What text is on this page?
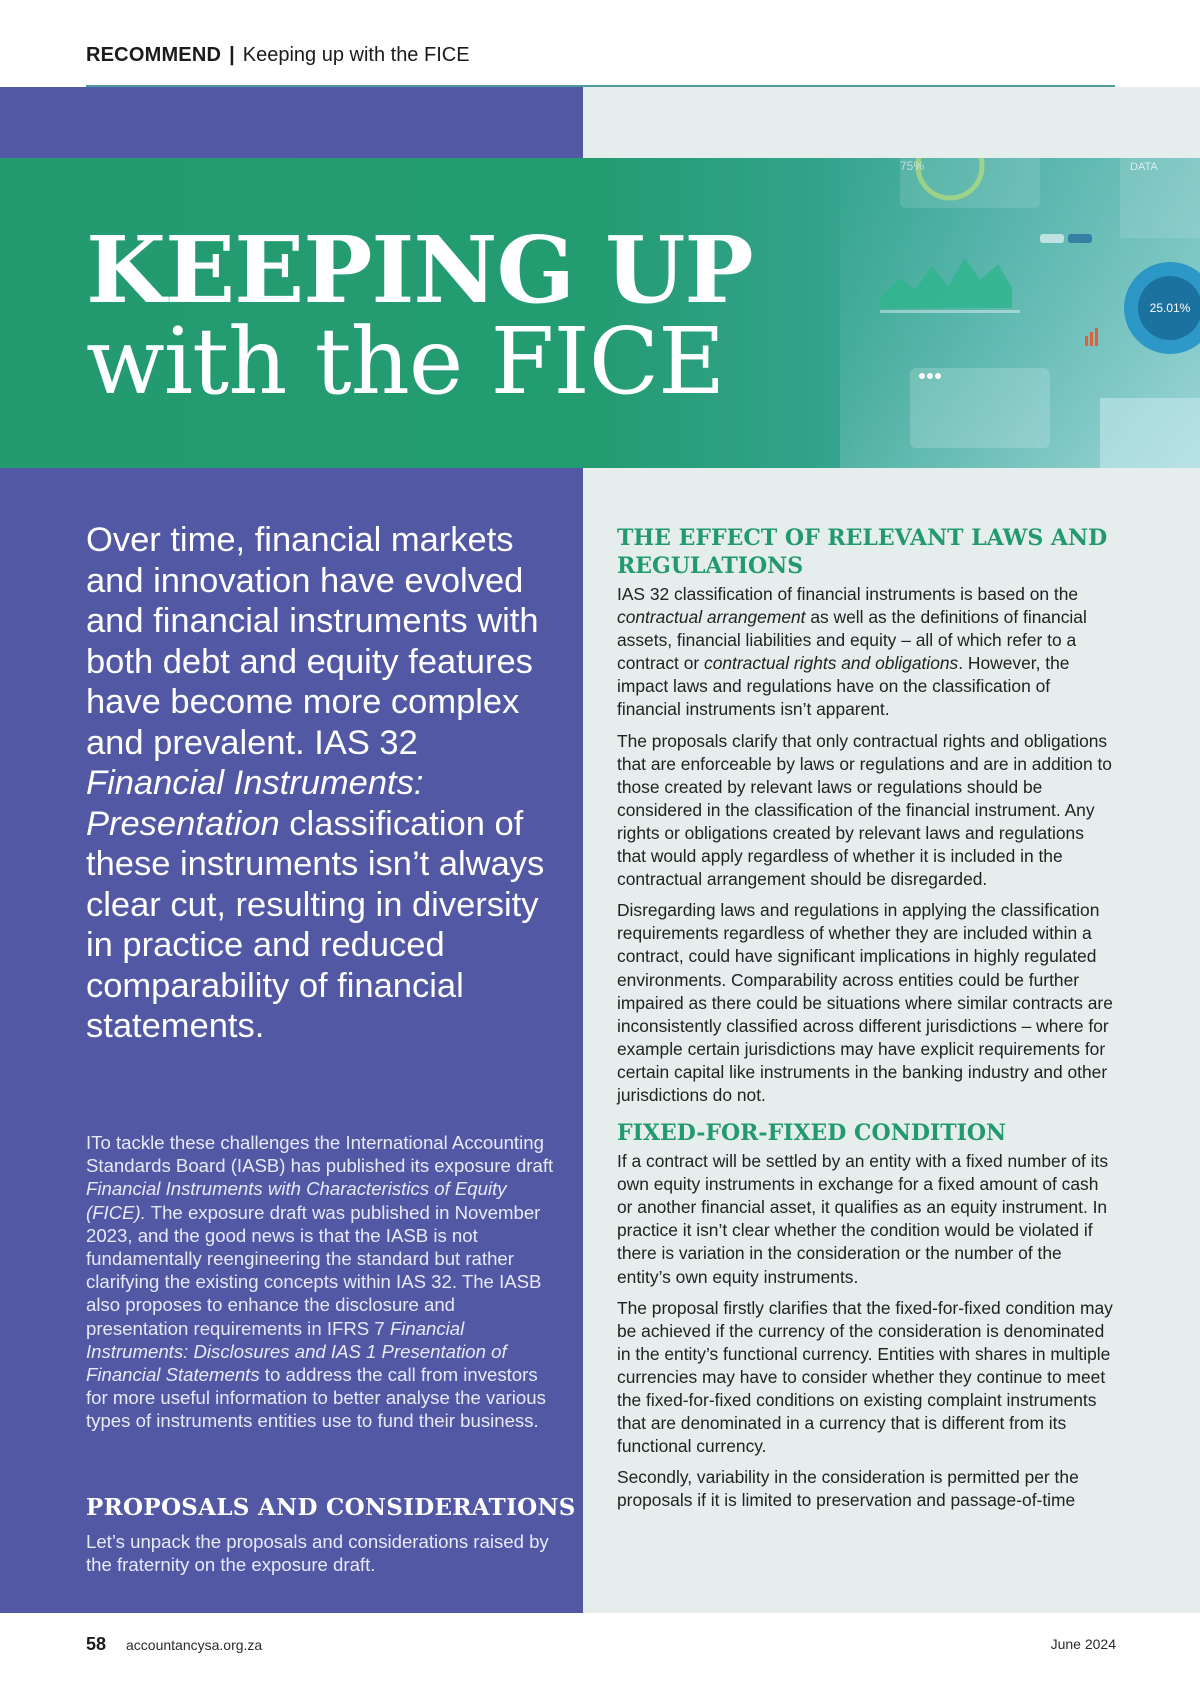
RECOMMEND | Keeping up with the FICE
75%	DATA
25.01%
KEEPING UP
with the FICE
Over time, financial markets and innovation have evolved and financial instruments with both debt and equity features have become more complex and prevalent. IAS 32 Financial Instruments: Presentation classification of these instruments isn’t always clear cut, resulting in diversity in practice and reduced comparability of financial statements.
ITo tackle these challenges the International Accounting Standards Board (IASB) has published its exposure draft Financial Instruments with Characteristics of Equity (FICE). The exposure draft was published in November 2023, and the good news is that the IASB is not fundamentally reengineering the standard but rather clarifying the existing concepts within IAS 32. The IASB also proposes to enhance the disclosure and presentation requirements in IFRS 7 Financial Instruments: Disclosures and IAS 1 Presentation of Financial Statements to address the call from investors for more useful information to better analyse the various types of instruments entities use to fund their business.
PROPOSALS AND CONSIDERATIONS
Let’s unpack the proposals and considerations raised by the fraternity on the exposure draft.
THE EFFECT OF RELEVANT LAWS AND REGULATIONS

IAS 32 classification of financial instruments is based on the contractual arrangement as well as the definitions of financial assets, financial liabilities and equity – all of which refer to a contract or contractual rights and obligations. However, the impact laws and regulations have on the classification of financial instruments isn’t apparent.

The proposals clarify that only contractual rights and obligations that are enforceable by laws or regulations and are in addition to those created by relevant laws or regulations should be considered in the classification of the financial instrument. Any rights or obligations created by relevant laws and regulations that would apply regardless of whether it is included in the contractual arrangement should be disregarded.

Disregarding laws and regulations in applying the classification requirements regardless of whether they are included within a contract, could have significant implications in highly regulated environments. Comparability across entities could be further impaired as there could be situations where similar contracts are inconsistently classified across different jurisdictions – where for example certain jurisdictions may have explicit requirements for certain capital like instruments in the banking industry and other jurisdictions do not.

FIXED-FOR-FIXED CONDITION

If a contract will be settled by an entity with a fixed number of its own equity instruments in exchange for a fixed amount of cash or another financial asset, it qualifies as an equity instrument. In practice it isn’t clear whether the condition would be violated if there is variation in the consideration or the number of the entity’s own equity instruments.

The proposal firstly clarifies that the fixed-for-fixed condition may be achieved if the currency of the consideration is denominated in the entity’s functional currency. Entities with shares in multiple currencies may have to consider whether they continue to meet the fixed-for-fixed conditions on existing complaint instruments that are denominated in a currency that is different from its functional currency.

Secondly, variability in the consideration is permitted per the proposals if it is limited to preservation and passage-of-time

58 accountancysa.org.za	June 2024
